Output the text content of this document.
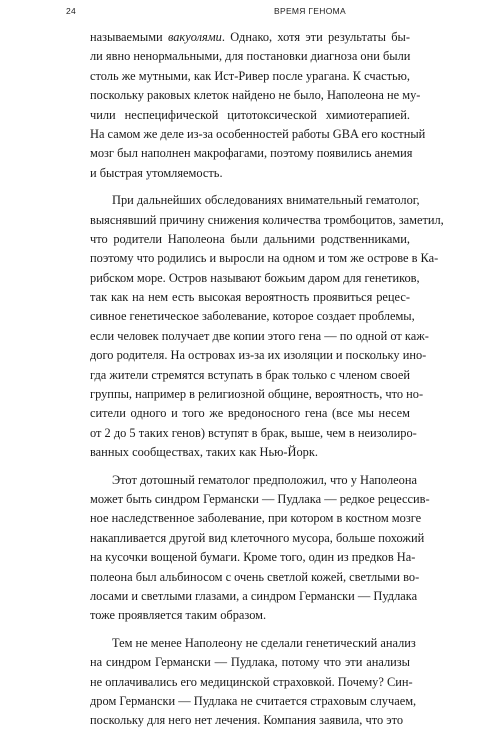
24	ВРЕМЯ ГЕНОМА
называемыми вакуолями. Однако, хотя эти результаты бы-
ли явно ненормальными, для постановки диагноза они были
столь же мутными, как Ист-Ривер после урагана. К счастью,
поскольку раковых клеток найдено не было, Наполеона не му-
чили неспецифической цитотоксической химиотерапией.
На самом же деле из-за особенностей работы GBA его костный
мозг был наполнен макрофагами, поэтому появились анемия
и быстрая утомляемость.
При дальнейших обследованиях внимательный гематолог,
выяснявший причину снижения количества тромбоцитов, заметил,
что родители Наполеона были дальними родственниками,
поэтому что родились и выросли на одном и том же острове в Ка-
рибском море. Остров называют божьим даром для генетиков,
так как на нем есть высокая вероятность проявиться рецес-
сивное генетическое заболевание, которое создает проблемы,
если человек получает две копии этого гена — по одной от каж-
дого родителя. На островах из-за их изоляции и поскольку ино-
гда жители стремятся вступать в брак только с членом своей
группы, например в религиозной общине, вероятность, что но-
сители одного и того же вредоносного гена (все мы несем
от 2 до 5 таких генов) вступят в брак, выше, чем в неизолиро-
ванных сообществах, таких как Нью-Йорк.
Этот дотошный гематолог предположил, что у Наполеона
может быть синдром Германски — Пудлака — редкое рецессив-
ное наследственное заболевание, при котором в костном мозге
накапливается другой вид клеточного мусора, больше похожий
на кусочки вощеной бумаги. Кроме того, один из предков На-
полеона был альбиносом с очень светлой кожей, светлыми во-
лосами и светлыми глазами, а синдром Германски — Пудлака
тоже проявляется таким образом.
Тем не менее Наполеону не сделали генетический анализ
на синдром Германски — Пудлака, потому что эти анализы
не оплачивались его медицинской страховкой. Почему? Син-
дром Германски — Пудлака не считается страховым случаем,
поскольку для него нет лечения. Компания заявила, что это
